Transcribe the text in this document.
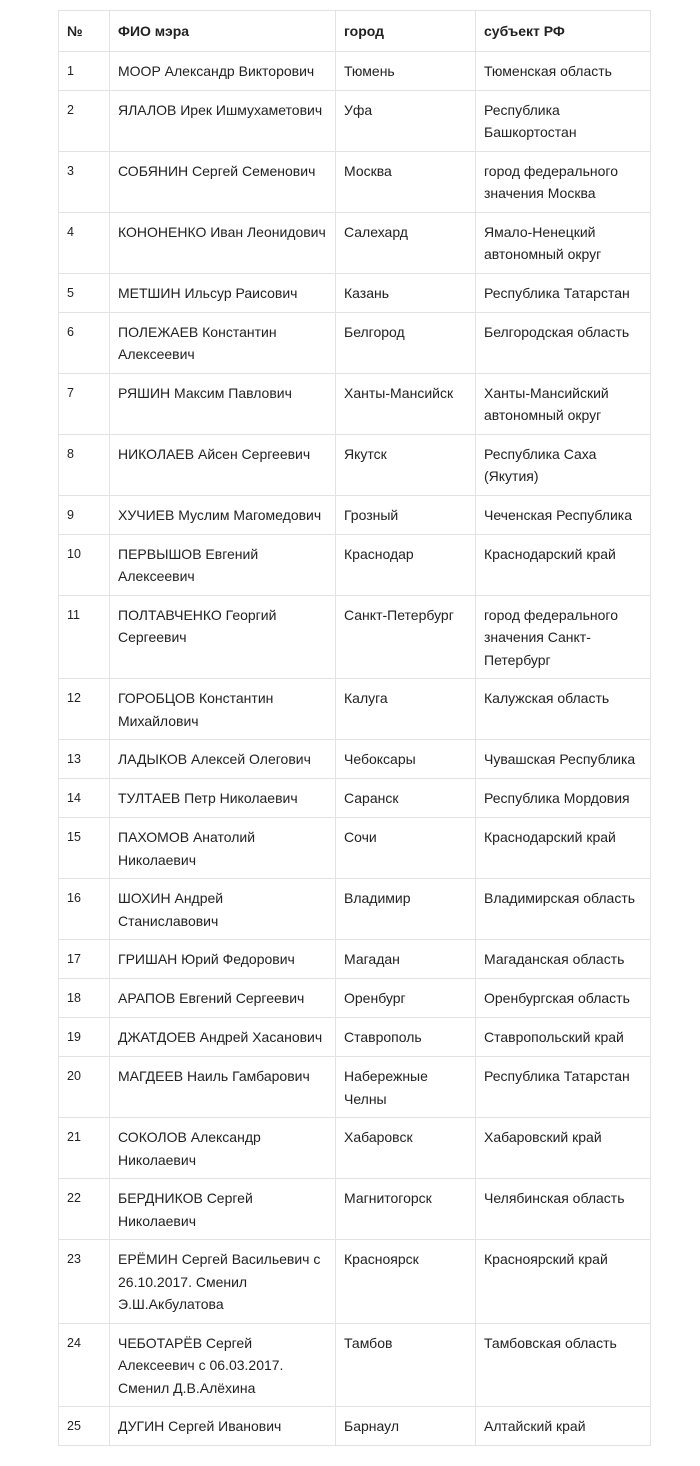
№	ФИО мэра	город	субъект РФ
1	МООР Александр Викторович	Тюмень	Тюменская область
2	ЯЛАЛОВ Ирек Ишмухаметович	Уфа	Республика Башкортостан
3	СОБЯНИН Сергей Семенович	Москва	город федерального значения Москва
4	КОНОНЕНКО Иван Леонидович	Салехард	Ямало-Ненецкий автономный округ
5	МЕТШИН Ильсур Раисович	Казань	Республика Татарстан
6	ПОЛЕЖАЕВ Константин Алексеевич	Белгород	Белгородская область
7	РЯШИН Максим Павлович	Ханты-Мансийск	Ханты-Мансийский автономный округ
8	НИКОЛАЕВ Айсен Сергеевич	Якутск	Республика Саха (Якутия)
9	ХУЧИЕВ Муслим Магомедович	Грозный	Чеченская Республика
10	ПЕРВЫШОВ Евгений Алексеевич	Краснодар	Краснодарский край
11	ПОЛТАВЧЕНКО Георгий Сергеевич	Санкт-Петербург	город федерального значения Санкт-Петербург
12	ГОРОБЦОВ Константин Михайлович	Калуга	Калужская область
13	ЛАДЫКОВ Алексей Олегович	Чебоксары	Чувашская Республика
14	ТУЛТАЕВ Петр Николаевич	Саранск	Республика Мордовия
15	ПАХОМОВ Анатолий Николаевич	Сочи	Краснодарский край
16	ШОХИН Андрей Станиславович	Владимир	Владимирская область
17	ГРИШАН Юрий Федорович	Магадан	Магаданская область
18	АРАПОВ Евгений Сергеевич	Оренбург	Оренбургская область
19	ДЖАТДОЕВ Андрей Хасанович	Ставрополь	Ставропольский край
20	МАГДЕЕВ Наиль Гамбарович	Набережные Челны	Республика Татарстан
21	СОКОЛОВ Александр Николаевич	Хабаровск	Хабаровский край
22	БЕРДНИКОВ Сергей Николаевич	Магнитогорск	Челябинская область
23	ЕРЁМИН Сергей Васильевич с 26.10.2017. Сменил Э.Ш.Акбулатова	Красноярск	Красноярский край
24	ЧЕБОТАРЁВ Сергей Алексеевич с 06.03.2017. Сменил Д.В.Алёхина	Тамбов	Тамбовская область
25	ДУГИН Сергей Иванович	Барнаул	Алтайский край
